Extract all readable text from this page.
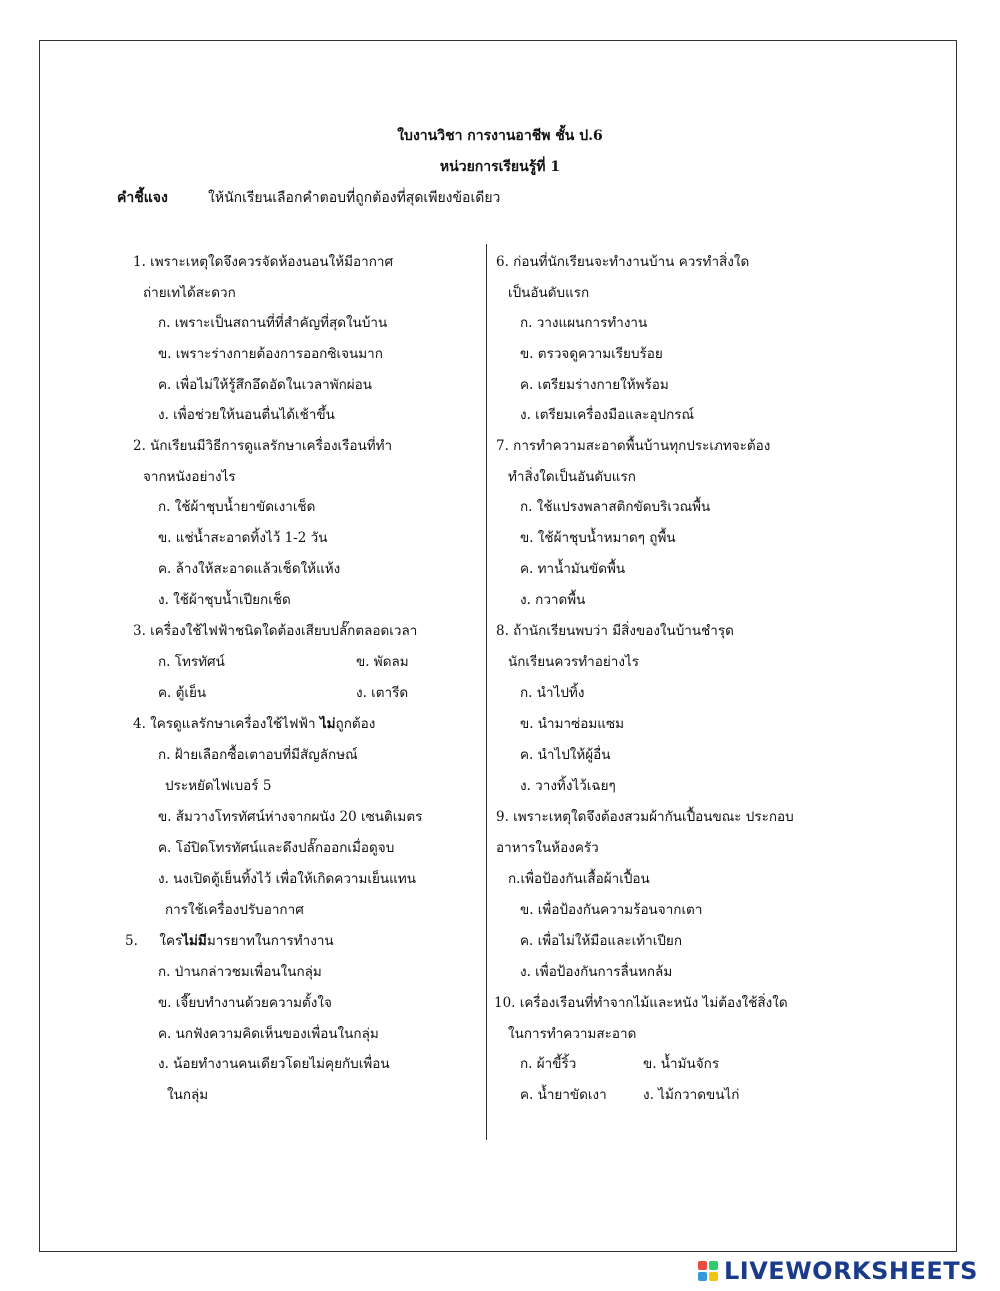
ใบงานวิชา การงานอาชีพ ชั้น ป.6
หน่วยการเรียนรู้ที่ 1
คำชี้แจง	ให้นักเรียนเลือกคำตอบที่ถูกต้องที่สุดเพียงข้อเดียว
1. เพราะเหตุใดจึงควรจัดห้องนอนให้มีอากาศ
ถ่ายเทได้สะดวก
ก. เพราะเป็นสถานที่ที่สำคัญที่สุดในบ้าน
ข. เพราะร่างกายต้องการออกซิเจนมาก
ค. เพื่อไม่ให้รู้สึกอึดอัดในเวลาพักผ่อน
ง. เพื่อช่วยให้นอนตื่นได้เช้าขึ้น
2. นักเรียนมีวิธีการดูแลรักษาเครื่องเรือนที่ทำ
จากหนังอย่างไร
ก. ใช้ผ้าชุบน้ำยาขัดเงาเช็ด
ข. แช่น้ำสะอาดทิ้งไว้ 1-2 วัน
ค. ล้างให้สะอาดแล้วเช็ดให้แห้ง
ง. ใช้ผ้าชุบน้ำเปียกเช็ด
3. เครื่องใช้ไฟฟ้าชนิดใดต้องเสียบปลั๊กตลอดเวลา
ก. โทรทัศน์	ข. พัดลม
ค. ตู้เย็น	ง. เตารีด
4. ใครดูแลรักษาเครื่องใช้ไฟฟ้า ไม่ถูกต้อง
ก. ฝ้ายเลือกซื้อเตาอบที่มีสัญลักษณ์
ประหยัดไฟเบอร์ 5
ข. ส้มวางโทรทัศน์ห่างจากผนัง 20 เซนติเมตร
ค. โอ๋ปิดโทรทัศน์และดึงปลั๊กออกเมื่อดูจบ
ง. นงเปิดตู้เย็นทิ้งไว้ เพื่อให้เกิดความเย็นแทน
การใช้เครื่องปรับอากาศ
5. ใครไม่มีมารยาทในการทำงาน
ก. ป่านกล่าวชมเพื่อนในกลุ่ม
ข. เจี๊ยบทำงานด้วยความตั้งใจ
ค. นกฟังความคิดเห็นของเพื่อนในกลุ่ม
ง. น้อยทำงานคนเดียวโดยไม่คุยกับเพื่อน
ในกลุ่ม
6. ก่อนที่นักเรียนจะทำงานบ้าน ควรทำสิ่งใด
เป็นอันดับแรก
ก. วางแผนการทำงาน
ข. ตรวจดูความเรียบร้อย
ค. เตรียมร่างกายให้พร้อม
ง. เตรียมเครื่องมือและอุปกรณ์
7. การทำความสะอาดพื้นบ้านทุกประเภทจะต้อง
ทำสิ่งใดเป็นอันดับแรก
ก. ใช้แปรงพลาสติกขัดบริเวณพื้น
ข. ใช้ผ้าชุบน้ำหมาดๆ ถูพื้น
ค. ทาน้ำมันขัดพื้น
ง. กวาดพื้น
8. ถ้านักเรียนพบว่า มีสิ่งของในบ้านชำรุด
นักเรียนควรทำอย่างไร
ก. นำไปทิ้ง
ข. นำมาซ่อมแซม
ค. นำไปให้ผู้อื่น
ง. วางทิ้งไว้เฉยๆ
9. เพราะเหตุใดจึงต้องสวมผ้ากันเปื้อนขณะ ประกอบ
อาหารในห้องครัว
ก.เพื่อป้องกันเสื้อผ้าเปื้อน
ข. เพื่อป้องกันความร้อนจากเตา
ค. เพื่อไม่ให้มือและเท้าเปียก
ง. เพื่อป้องกันการลื่นหกล้ม
10. เครื่องเรือนที่ทำจากไม้และหนัง ไม่ต้องใช้สิ่งใด
ในการทำความสะอาด
ก. ผ้าขี้ริ้ว	ข. น้ำมันจักร
ค. น้ำยาขัดเงา	ง. ไม้กวาดขนไก่
LIVEWORKSHEETS
